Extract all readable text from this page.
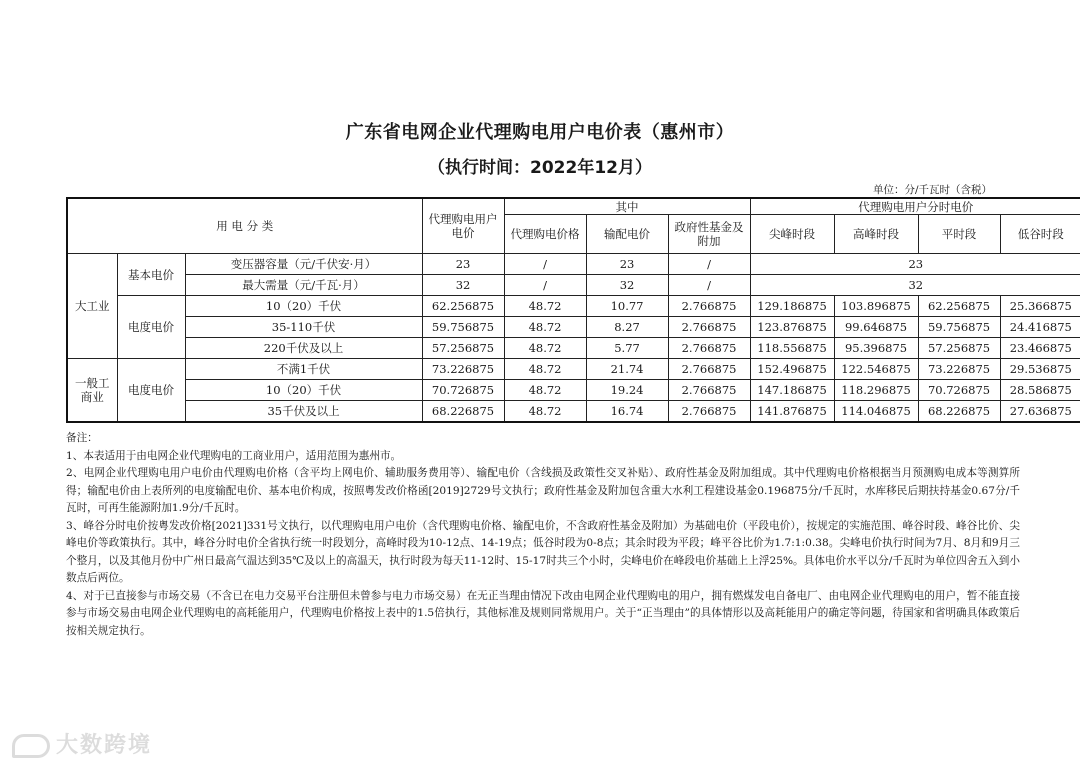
广东省电网企业代理购电用户电价表（惠州市）
（执行时间：2022年12月）
单位：分/千瓦时（含税）
用 电 分 类			代理购电用户电价	其中			代理购电用户分时电价			
				代理购电价格	输配电价	政府性基金及附加	尖峰时段	高峰时段	平时段	低谷时段
大工业	基本电价	变压器容量（元/千伏安·月）	23	/	23	/	23			
		最大需量（元/千瓦·月）	32	/	32	/	32			
	电度电价	10（20）千伏	62.256875	48.72	10.77	2.766875	129.186875	103.896875	62.256875	25.366875
		35-110千伏	59.756875	48.72	8.27	2.766875	123.876875	99.646875	59.756875	24.416875
		220千伏及以上	57.256875	48.72	5.77	2.766875	118.556875	95.396875	57.256875	23.466875
一般工商业	电度电价	不满1千伏	73.226875	48.72	21.74	2.766875	152.496875	122.546875	73.226875	29.536875
		10（20）千伏	70.726875	48.72	19.24	2.766875	147.186875	118.296875	70.726875	28.586875
		35千伏及以上	68.226875	48.72	16.74	2.766875	141.876875	114.046875	68.226875	27.636875

备注：

1、本表适用于由电网企业代理购电的工商业用户，适用范围为惠州市。

2、电网企业代理购电用户电价由代理购电价格（含平均上网电价、辅助服务费用等）、输配电价（含线损及政策性交叉补贴）、政府性基金及附加组成。其中代理购电价格根据当月预测购电成本等测算所得；输配电价由上表所列的电度输配电价、基本电价构成，按照粤发改价格函[2019]2729号文执行；政府性基金及附加包含重大水利工程建设基金0.196875分/千瓦时，水库移民后期扶持基金0.67分/千瓦时，可再生能源附加1.9分/千瓦时。

3、峰谷分时电价按粤发改价格[2021]331号文执行，以代理购电用户电价（含代理购电价格、输配电价，不含政府性基金及附加）为基础电价（平段电价），按规定的实施范围、峰谷时段、峰谷比价、尖峰电价等政策执行。其中，峰谷分时电价全省执行统一时段划分，高峰时段为10-12点、14-19点；低谷时段为0-8点；其余时段为平段；峰平谷比价为1.7:1:0.38。尖峰电价执行时间为7月、8月和9月三个整月，以及其他月份中广州日最高气温达到35℃及以上的高温天，执行时段为每天11-12时、15-17时共三个小时，尖峰电价在峰段电价基础上上浮25%。具体电价水平以分/千瓦时为单位四舍五入到小数点后两位。

4、对于已直接参与市场交易（不含已在电力交易平台注册但未曾参与电力市场交易）在无正当理由情况下改由电网企业代理购电的用户，拥有燃煤发电自备电厂、由电网企业代理购电的用户，暂不能直接参与市场交易由电网企业代理购电的高耗能用户，代理购电价格按上表中的1.5倍执行，其他标准及规则同常规用户。关于“正当理由”的具体情形以及高耗能用户的确定等问题，待国家和省明确具体政策后按相关规定执行。

大数跨境
